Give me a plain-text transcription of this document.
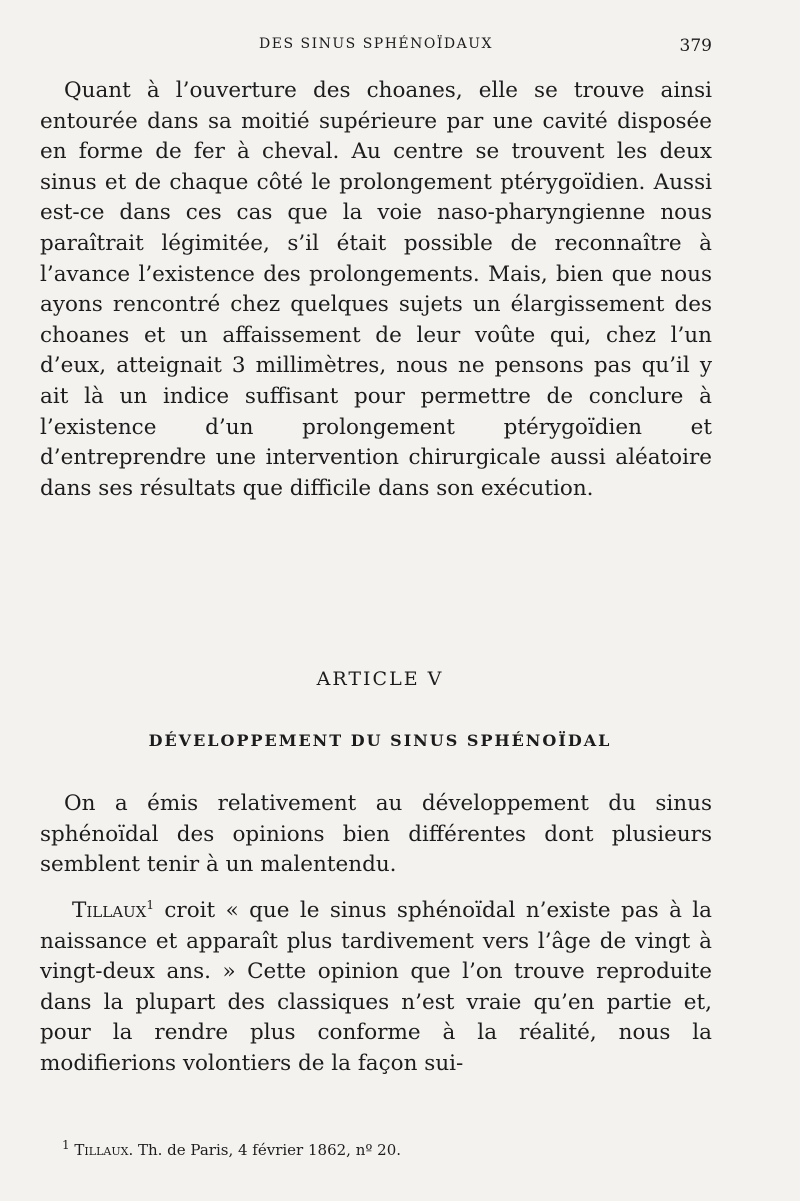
DES SINUS SPHÉNOÏDAUX	379

Quant à l’ouverture des choanes, elle se trouve ainsi entourée dans sa moitié supérieure par une cavité disposée en forme de fer à cheval. Au centre se trouvent les deux sinus et de chaque côté le prolongement ptérygoïdien. Aussi est-ce dans ces cas que la voie naso-pharyngienne nous paraîtrait légimitée, s’il était possible de reconnaître à l’avance l’existence des prolongements. Mais, bien que nous ayons rencontré chez quelques sujets un élargissement des choanes et un affaissement de leur voûte qui, chez l’un d’eux, atteignait 3 millimètres, nous ne pensons pas qu’il y ait là un indice suffisant pour permettre de conclure à l’existence d’un prolongement ptérygoïdien et d’entreprendre une intervention chirurgicale aussi aléatoire dans ses résultats que difficile dans son exécution.

ARTICLE V
DÉVELOPPEMENT DU SINUS SPHÉNOÏDAL

On a émis relativement au développement du sinus sphénoïdal des opinions bien différentes dont plusieurs semblent tenir à un malentendu.

Tillaux$^1$ croit « que le sinus sphénoïdal n’existe pas à la naissance et apparaît plus tardivement vers l’âge de vingt à vingt-deux ans. » Cette opinion que l’on trouve reproduite dans la plupart des classiques n’est vraie qu’en partie et, pour la rendre plus conforme à la réalité, nous la modifierions volontiers de la façon sui-

$^1$ Tillaux. Th. de Paris, 4 février 1862, nº 20.
